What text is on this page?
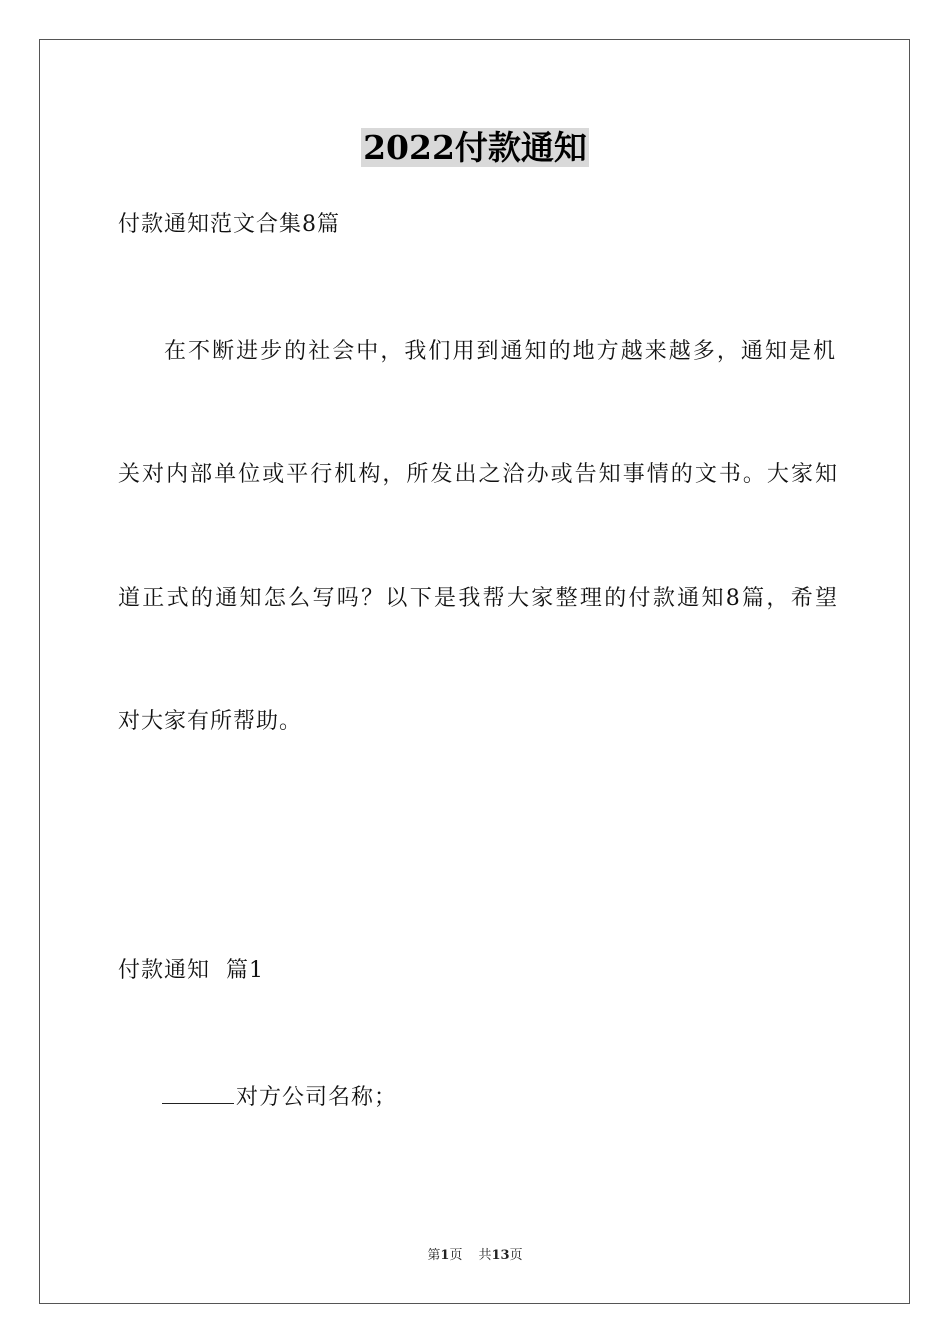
2022付款通知
付款通知范文合集8篇
在不断进步的社会中，我们用到通知的地方越来越多，通知是机
关对内部单位或平行机构，所发出之洽办或告知事情的文书。大家知
道正式的通知怎么写吗？以下是我帮大家整理的付款通知8篇，希望
对大家有所帮助。
付款通知  篇1
对方公司名称；
第1页 共13页
